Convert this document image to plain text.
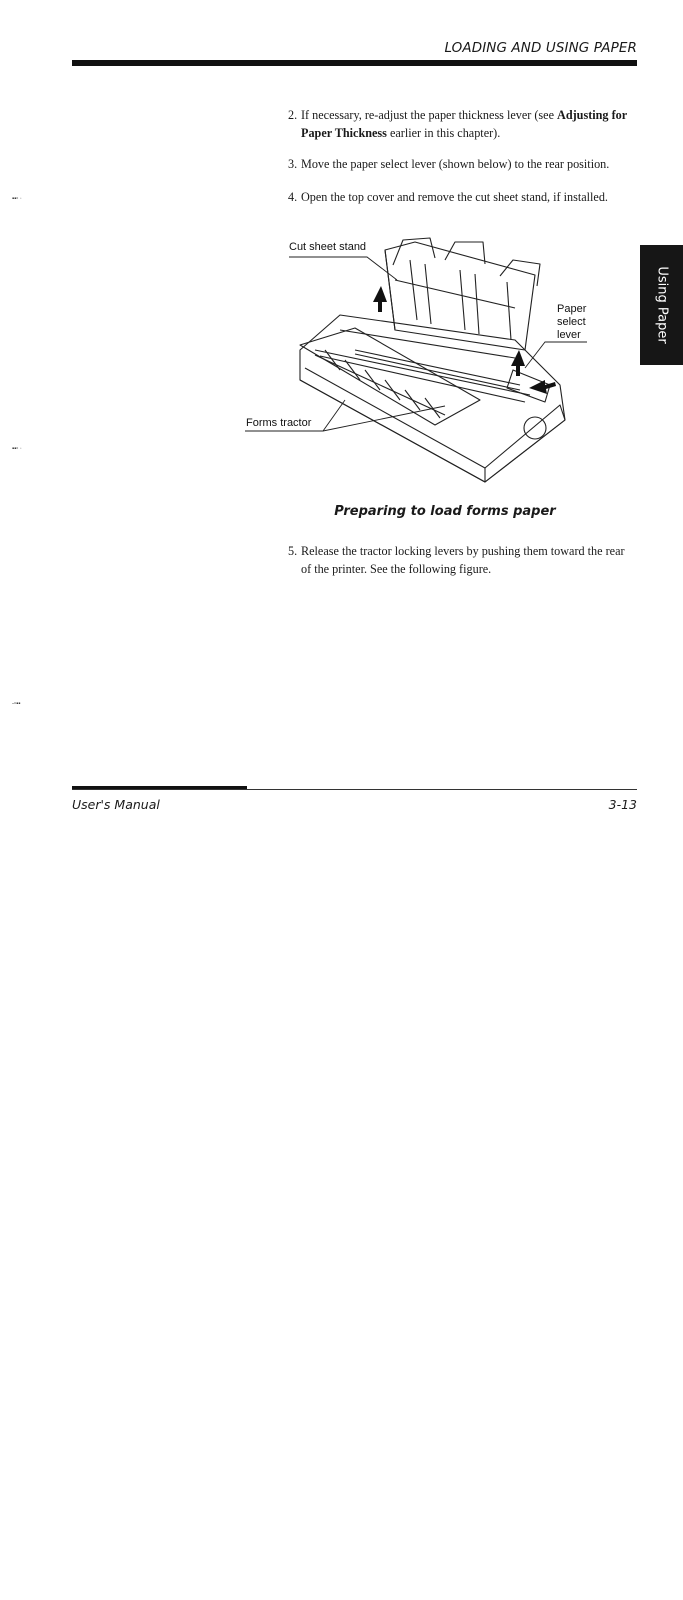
LOADING AND USING PAPER
Using Paper
▪▪▫ ·
▪▪▫ ·
-▫▪▪
2. If necessary, re-adjust the paper thickness lever (see Adjusting for Paper Thickness earlier in this chapter).
3. Move the paper select lever (shown below) to the rear position.
4. Open the top cover and remove the cut sheet stand, if installed.
5. Release the tractor locking levers by pushing them toward the rear of the printer. See the following figure.
Cut sheet stand
Paper
select
lever
Forms tractor
Preparing to load forms paper
User's Manual	3-13
